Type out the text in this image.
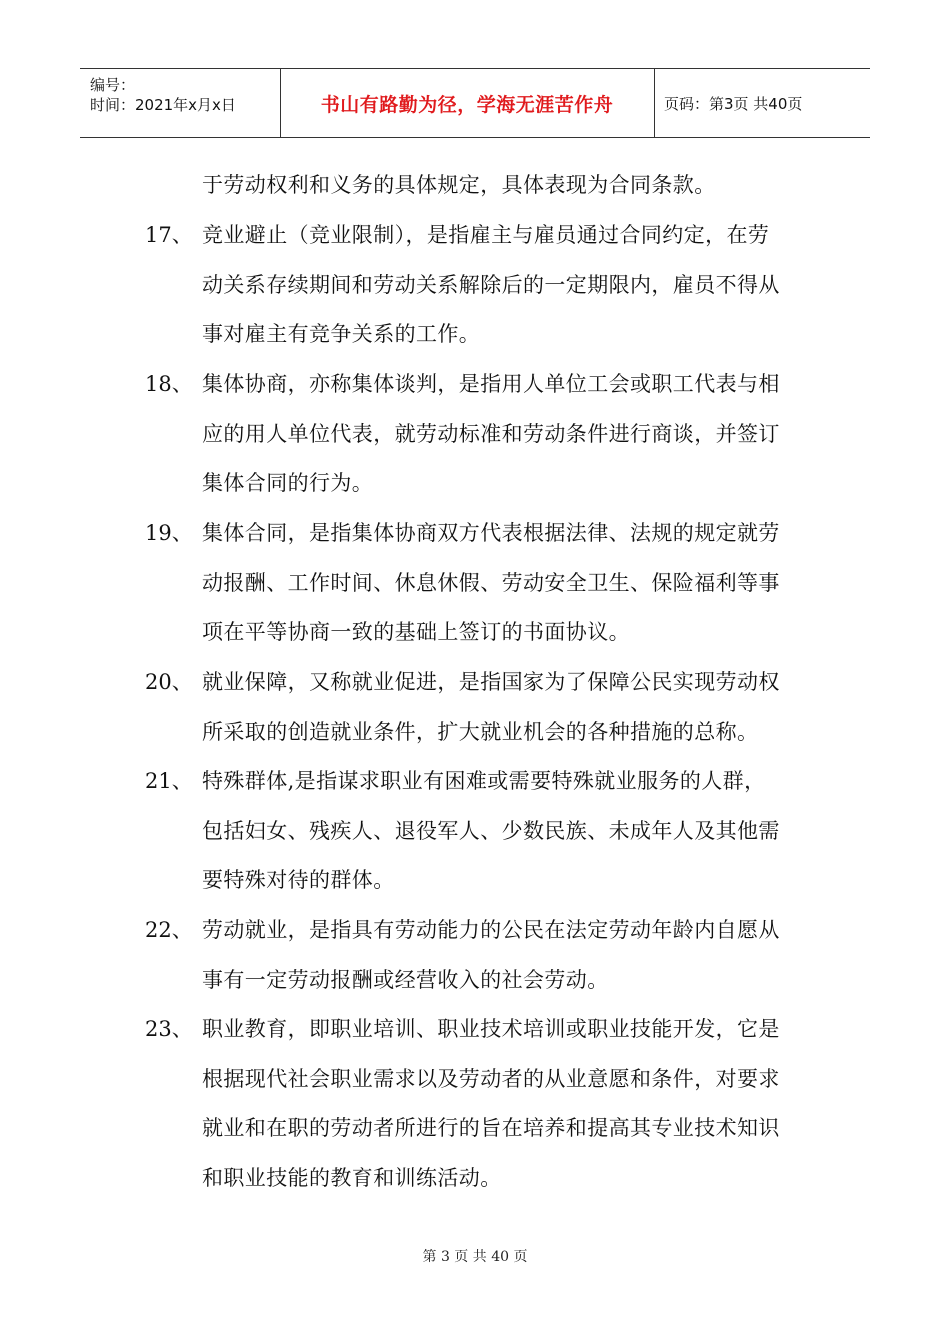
编号：
时间：2021年x月x日	书山有路勤为径，学海无涯苦作舟	页码：第3页 共40页
于劳动权利和义务的具体规定，具体表现为合同条款。
17、 竞业避止（竞业限制），是指雇主与雇员通过合同约定，在劳
动关系存续期间和劳动关系解除后的一定期限内，雇员不得从
事对雇主有竞争关系的工作。
18、 集体协商，亦称集体谈判，是指用人单位工会或职工代表与相
应的用人单位代表，就劳动标准和劳动条件进行商谈，并签订
集体合同的行为。
19、 集体合同，是指集体协商双方代表根据法律、法规的规定就劳
动报酬、工作时间、休息休假、劳动安全卫生、保险福利等事
项在平等协商一致的基础上签订的书面协议。
20、 就业保障，又称就业促进，是指国家为了保障公民实现劳动权
所采取的创造就业条件，扩大就业机会的各种措施的总称。
21、 特殊群体,是指谋求职业有困难或需要特殊就业服务的人群，
包括妇女、残疾人、退役军人、少数民族、未成年人及其他需
要特殊对待的群体。
22、 劳动就业，是指具有劳动能力的公民在法定劳动年龄内自愿从
事有一定劳动报酬或经营收入的社会劳动。
23、 职业教育，即职业培训、职业技术培训或职业技能开发，它是
根据现代社会职业需求以及劳动者的从业意愿和条件，对要求
就业和在职的劳动者所进行的旨在培养和提高其专业技术知识
和职业技能的教育和训练活动。
第 3 页 共 40 页
